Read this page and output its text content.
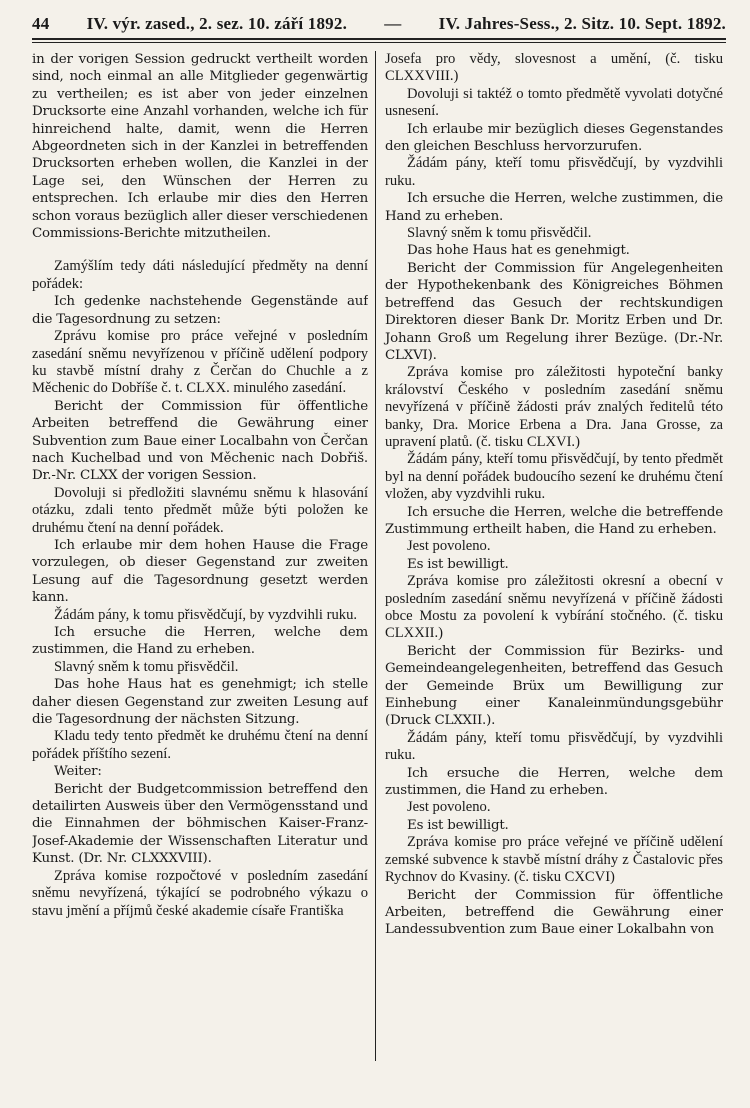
44 IV. výr. zased., 2. sez. 10. září 1892. — IV. Jahres-Sess., 2. Sitz. 10. Sept. 1892.

in der vorigen Session gedruckt vertheilt worden sind, noch einmal an alle Mitglieder gegenwärtig zu vertheilen; es ist aber von jeder einzelnen Drucksorte eine Anzahl vorhanden, welche ich für hinreichend halte, damit, wenn die Herren Abgeordneten sich in der Kanzlei in betreffenden Drucksorten erheben wollen, die Kanzlei in der Lage sei, den Wünschen der Herren zu entsprechen. Ich erlaube mir dies den Herren schon voraus bezüglich aller dieser verschiedenen Commissions-Berichte mitzutheilen.

Zamýšlím tedy dáti následující předměty na denní pořádek:

Ich gedenke nachstehende Gegenstände auf die Tagesordnung zu setzen:

Zprávu komise pro práce veřejné v posledním zasedání sněmu nevyřízenou v příčině udělení podpory ku stavbě místní drahy z Čerčan do Chuchle a z Měchenic do Dobříše č. t. CLXX. minulého zasedání.

Bericht der Commission für öffentliche Arbeiten betreffend die Gewährung einer Subvention zum Baue einer Localbahn von Čerčan nach Kuchelbad und von Měchenic nach Dobřiš. Dr.-Nr. CLXX der vorigen Session.

Dovoluji si předložiti slavnému sněmu k hlasování otázku, zdali tento předmět může býti položen ke druhému čtení na denní pořádek.

Ich erlaube mir dem hohen Hause die Frage vorzulegen, ob dieser Gegenstand zur zweiten Lesung auf die Tagesordnung gesetzt werden kann.

Žádám pány, k tomu přisvědčují, by vyzdvihli ruku.

Ich ersuche die Herren, welche dem zustimmen, die Hand zu erheben.

Slavný sněm k tomu přisvědčil.

Das hohe Haus hat es genehmigt; ich stelle daher diesen Gegenstand zur zweiten Lesung auf die Tagesordnung der nächsten Sitzung.

Kladu tedy tento předmět ke druhému čtení na denní pořádek příštího sezení.

Weiter:

Bericht der Budgetcommission betreffend den detailirten Ausweis über den Vermögensstand und die Einnahmen der böhmischen Kaiser-Franz-Josef-Akademie der Wissenschaften Literatur und Kunst. (Dr. Nr. CLXXXVIII).

Zpráva komise rozpočtové v posledním zasedání sněmu nevyřízená, týkající se podrobného výkazu o stavu jmění a příjmů české akademie císaře Františka

Josefa pro vědy, slovesnost a umění, (č. tisku CLXXVIII.)

Dovoluji si taktéž o tomto předmětě vyvolati dotyčné usnesení.

Ich erlaube mir bezüglich dieses Gegenstandes den gleichen Beschluss hervorzurufen.

Žádám pány, kteří tomu přisvědčují, by vyzdvihli ruku.

Ich ersuche die Herren, welche zustimmen, die Hand zu erheben.

Slavný sněm k tomu přisvědčil.

Das hohe Haus hat es genehmigt.

Bericht der Commission für Angelegenheiten der Hypothekenbank des Königreiches Böhmen betreffend das Gesuch der rechtskundigen Direktoren dieser Bank Dr. Moritz Erben und Dr. Johann Groß um Regelung ihrer Bezüge. (Dr.-Nr. CLXVI).

Zpráva komise pro záležitosti hypoteční banky království Českého v posledním zasedání sněmu nevyřízená v příčině žádosti práv znalých ředitelů této banky, Dra. Morice Erbena a Dra. Jana Grosse, za upravení platů. (č. tisku CLXVI.)

Žádám pány, kteří tomu přisvědčují, by tento předmět byl na denní pořádek budoucího sezení ke druhému čtení vložen, aby vyzdvihli ruku.

Ich ersuche die Herren, welche die betreffende Zustimmung ertheilt haben, die Hand zu erheben.

Jest povoleno.

Es ist bewilligt.

Zpráva komise pro záležitosti okresní a obecní v posledním zasedání sněmu nevyřízená v příčině žádosti obce Mostu za povolení k vybírání stočného. (č. tisku CLXXII.)

Bericht der Commission für Bezirks- und Gemeindeangelegenheiten, betreffend das Gesuch der Gemeinde Brüx um Bewilligung zur Einhebung einer Kanaleinmündungsgebühr (Druck CLXXII.).

Žádám pány, kteří tomu přisvědčují, by vyzdvihli ruku.

Ich ersuche die Herren, welche dem zustimmen, die Hand zu erheben.

Jest povoleno.

Es ist bewilligt.

Zpráva komise pro práce veřejné ve příčině udělení zemské subvence k stavbě místní dráhy z Častalovic přes Rychnov do Kvasiny. (č. tisku CXCVI)

Bericht der Commission für öffentliche Arbeiten, betreffend die Gewährung einer Landessubvention zum Baue einer Lokalbahn von
